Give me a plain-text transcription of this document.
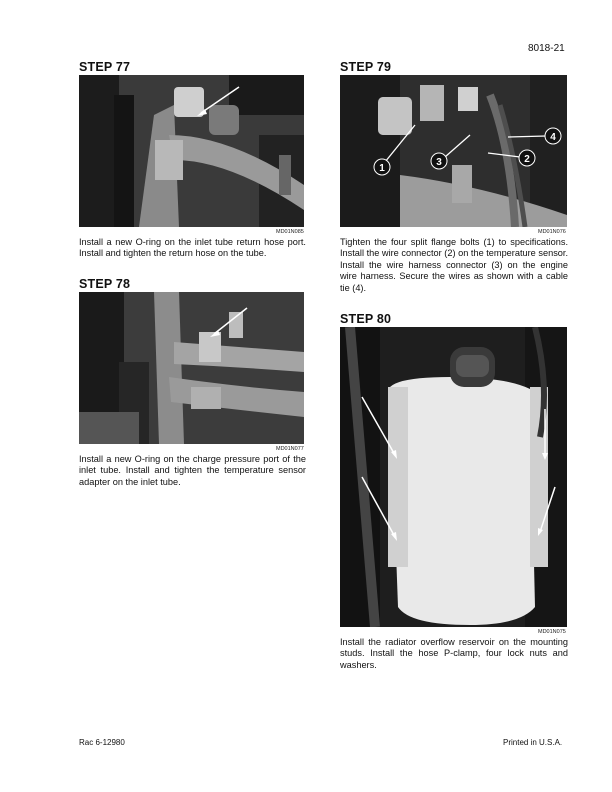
8018-21
STEP 77
MD01N085
Install a new O-ring on the inlet tube return hose port. Install and tighten the return hose on the tube.
STEP 78
MD01N077
Install a new O-ring on the charge pressure port of the inlet tube. Install and tighten the temperature sensor adapter on the inlet tube.
STEP 79
1
3	2
4
MD01N076
Tighten the four split flange bolts (1) to specifications. Install the wire connector (2) on the temperature sensor. Install the wire harness connector (3) on the engine wire harness. Secure the wires as shown with a cable tie (4).
STEP 80
MD01N075
Install the radiator overflow reservoir on the mounting studs. Install the hose P-clamp, four lock nuts and washers.
Rac 6-12980	Printed in U.S.A.
